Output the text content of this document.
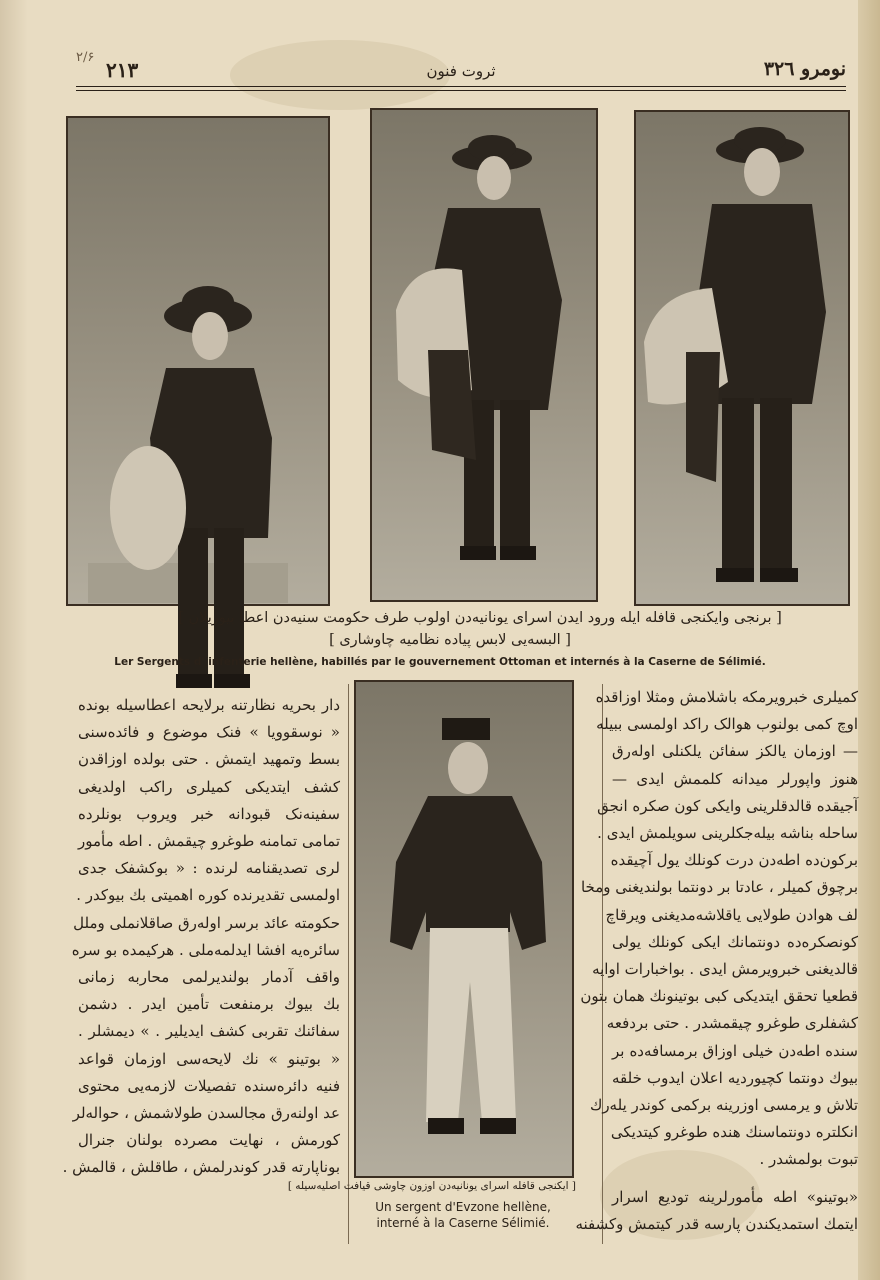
۲/۶
۲۱۳	ثروت فنون	نومرو ۳۲٦
[ برنجی وایکنجی قافله ایله ورود ایدن اسرای یونانیه‌دن اولوب طرف حکومت سنیه‌دن اعطا بیوریلان ]
[ البسه‌یی لابس پیاده نظامیه چاوشاری ]
Ler Sergents d' infenterie hellène, habillés par le gouvernement Ottoman et internés à la Caserne de Sélimié.
[ ایکنجی قافله اسرای یونانیه‌دن اوزون چاوشی قیافت اصلیه‌سیله ]
Un sergent d'Evzone hellène,
interné à la Caserne Sélimié.
دار بحریه نظارتنه برلایحه اعطاسیله بونده
« نوسقوویا » فنک موضوع و فائده‌سنی
بسط وتمهید ایتمش . حتی بولده اوزاقدن
کشف ایتدیکی کمیلری راکب اولدیغی
سفینه‌نک قبودانه خبر ویروب بونلرده
تمامی تمامنه طوغرو چیقمش . اطه مأمور
لری تصدیقنامه لرنده : « بوکشفک جدی
اولمسی تقدیرنده کوره اهمیتی بك بیوکدر .
حکومته عائد برسر اوله‌رق صاقلانملی وملل
سائره‌یه افشا ایدلمه‌ملی . هرکیمده بو سره
واقف آدمار بولندیرلمی محاربه زمانی
بك بیوك برمنفعت تأمین ایدر . دشمن
سفائنك تقربی کشف ایدیلیر . » دیمشلر .
« بوتینو » نك لایحه‌سی اوزمان قواعد
فنیه دائره‌سنده تفصیلات لازمه‌یی محتوی
عد اولنه‌رق مجالسدن طولاشمش ، حواله‌لر
کورمش ، نهایت مصرده بولنان جنرال
بوناپارته قدر کوندرلمش ، طاقلش ، قالمش .
کمیلری خبرویرمکه باشلامش ومثلا اوزاقده
اوچ کمی بولنوب هوالک راکد اولمسی ببیله
— اوزمان یالکز سفائن یلکنلی اوله‌رق
هنوز واپورلر میدانه کلممش ایدی —
آجیقده قالدقلرینی وایکی کون صکره انجق
ساحله بناشه بیله‌جکلرینی سویلمش ایدی .
برکون‌ده اطه‌دن درت کونلك یول آچیقده
برچوق کمیلر ، عادتا بر دونتما بولندیغنی ومخا
لف هوادن طولایی یاقلاشه‌مدیغنی ویرقاچ
کونصکره‌ده دونتمانك ایکی کونلك یولی
قالدیغنی خبرویرمش ایدی . بواخبارات اوایه
قطعیا تحقق ایتدیکی کبی بوتینونك همان بتون
کشفلری طوغرو چیقمشدر . حتی بردفعه
سنده اطه‌دن خیلی اوزاق برمسافه‌ده بر
بیوك دونتما کچیوردیه اعلان ایدوب خلقه
تلاش و یرمسی اوزرینه برکمی کوندر یله‌رك
انکلتره دونتماسنك هنده طوغرو کیتدیکی
تبوت بولمشدر .
«بوتینو» اطه مأمورلرینه توديع اسرار
ایتمك استمدیکندن پارسه قدر کیتمش وکشفنه
